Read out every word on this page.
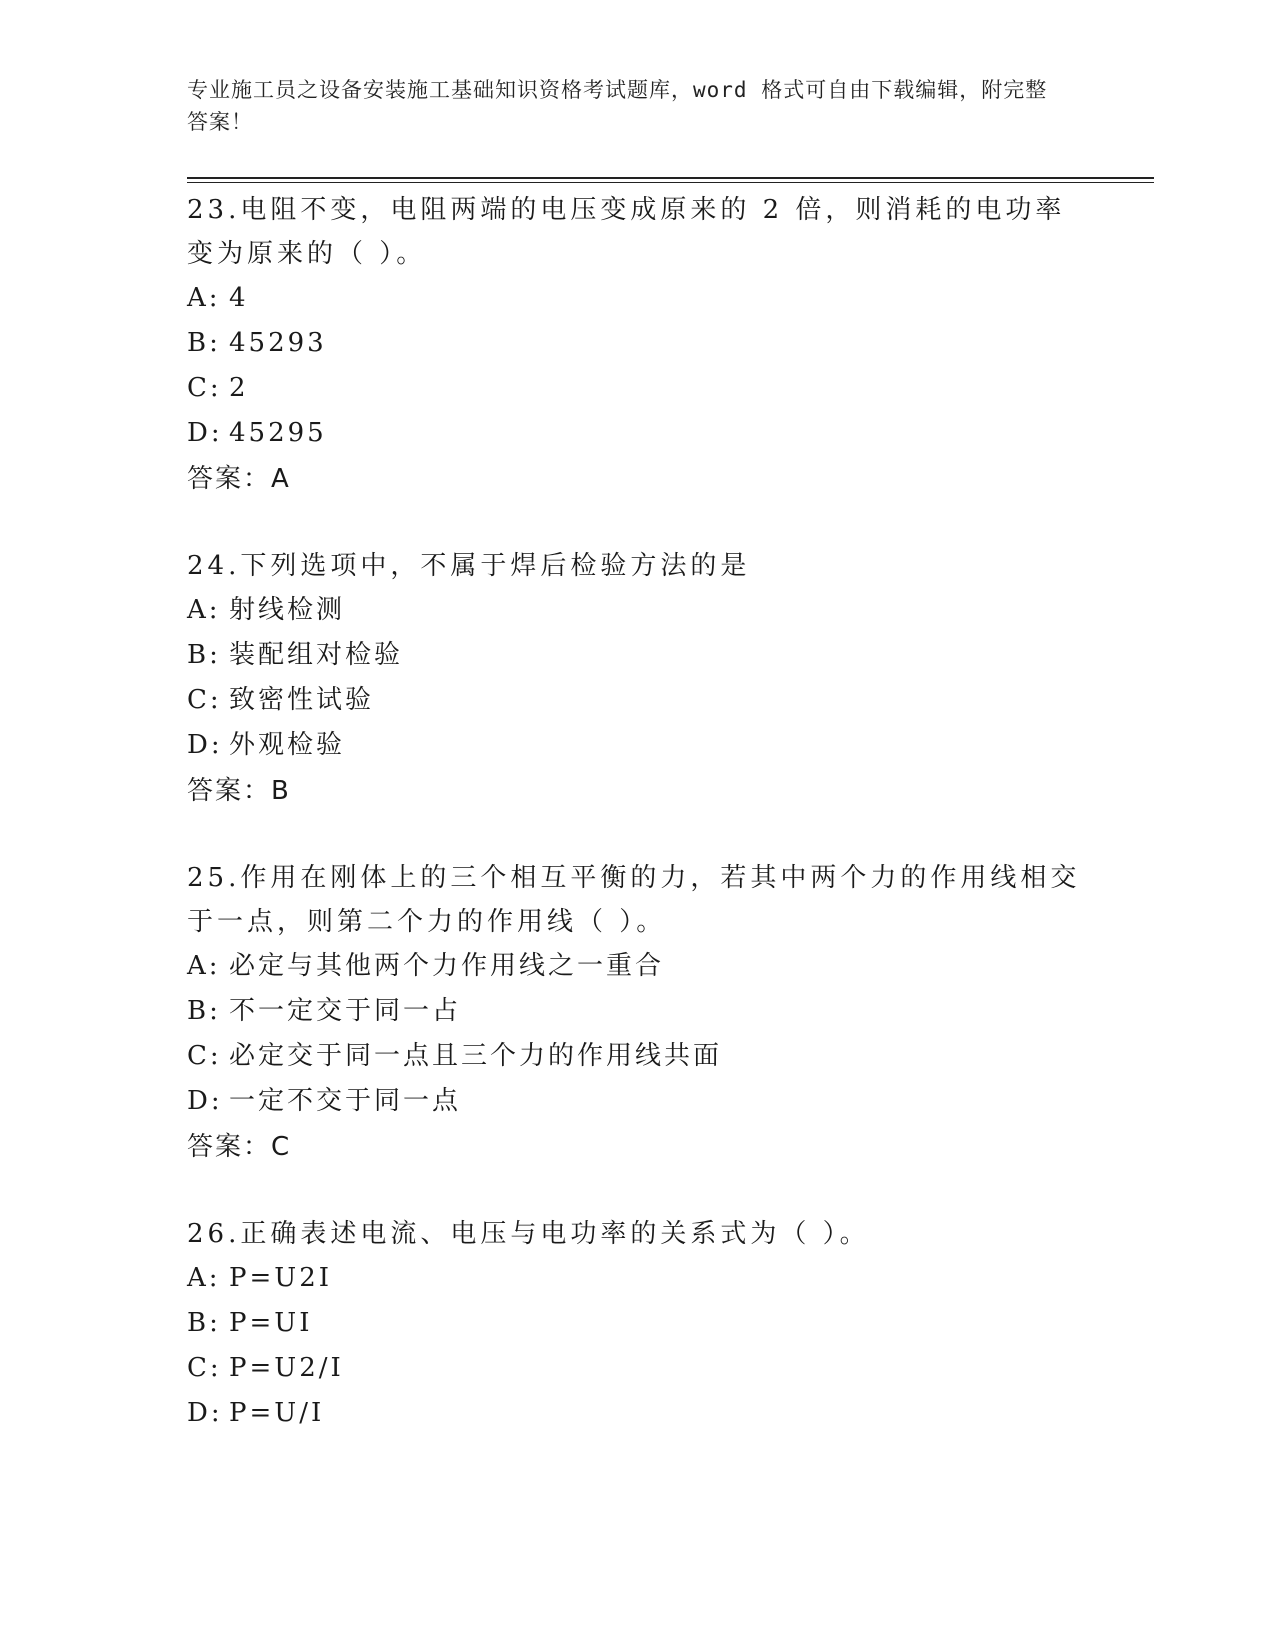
专业施工员之设备安装施工基础知识资格考试题库，word 格式可自由下载编辑，附完整答案！

23.电阻不变，电阻两端的电压变成原来的 2 倍，则消耗的电功率变为原来的（ ）。

A: 4

B: 45293

C: 2

D: 45295

答案：A

24.下列选项中，不属于焊后检验方法的是

A: 射线检测

B: 装配组对检验

C: 致密性试验

D: 外观检验

答案：B

25.作用在刚体上的三个相互平衡的力，若其中两个力的作用线相交于一点，则第二个力的作用线（ ）。

A: 必定与其他两个力作用线之一重合

B: 不一定交于同一占

C: 必定交于同一点且三个力的作用线共面

D: 一定不交于同一点

答案：C

26.正确表述电流、电压与电功率的关系式为（ ）。

A: P=U2I

B: P=UI

C: P=U2/I

D: P=U/I
